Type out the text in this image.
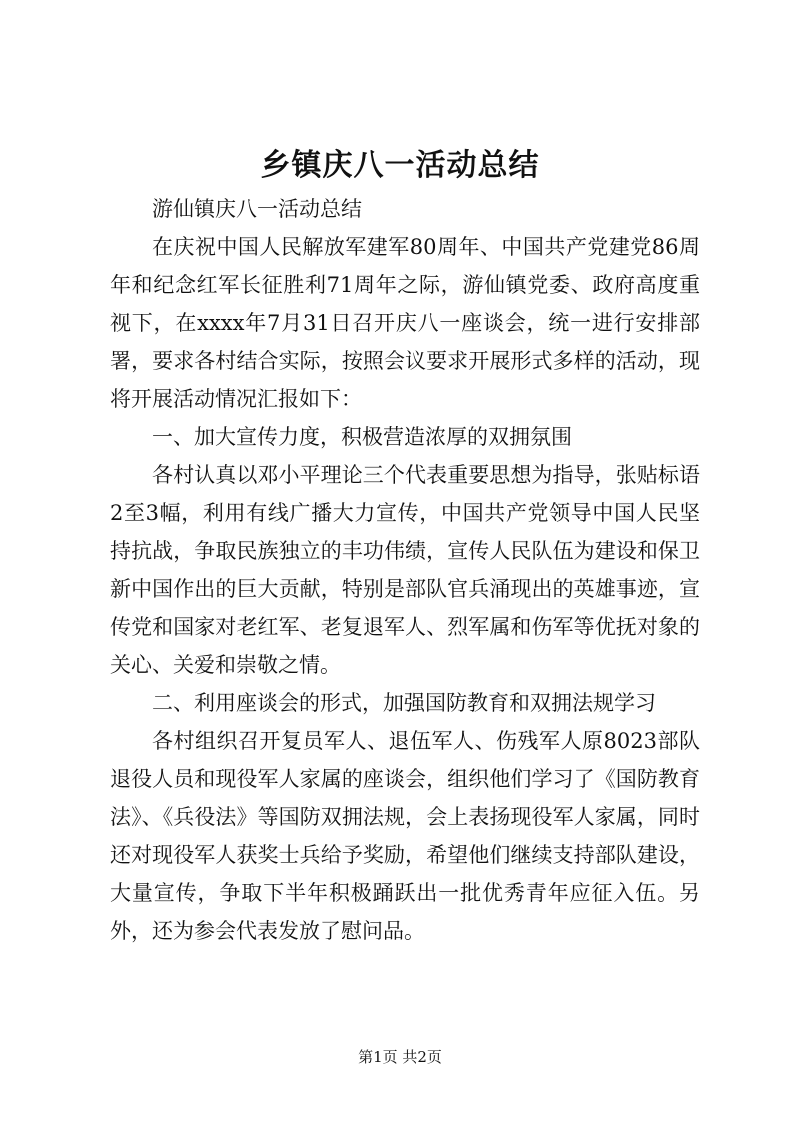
乡镇庆八一活动总结

游仙镇庆八一活动总结

在庆祝中国人民解放军建军80周年、中国共产党建党86周年和纪念红军长征胜利71周年之际，游仙镇党委、政府高度重视下，在xxxx年7月31日召开庆八一座谈会，统一进行安排部署，要求各村结合实际，按照会议要求开展形式多样的活动，现将开展活动情况汇报如下：

一、加大宣传力度，积极营造浓厚的双拥氛围

各村认真以邓小平理论三个代表重要思想为指导，张贴标语2至3幅，利用有线广播大力宣传，中国共产党领导中国人民坚持抗战，争取民族独立的丰功伟绩，宣传人民队伍为建设和保卫新中国作出的巨大贡献，特别是部队官兵涌现出的英雄事迹，宣传党和国家对老红军、老复退军人、烈军属和伤军等优抚对象的关心、关爱和崇敬之情。

二、利用座谈会的形式，加强国防教育和双拥法规学习

各村组织召开复员军人、退伍军人、伤残军人原8023部队退役人员和现役军人家属的座谈会，组织他们学习了《国防教育法》、《兵役法》等国防双拥法规，会上表扬现役军人家属，同时还对现役军人获奖士兵给予奖励，希望他们继续支持部队建设，大量宣传，争取下半年积极踊跃出一批优秀青年应征入伍。另外，还为参会代表发放了慰问品。

第1页 共2页
